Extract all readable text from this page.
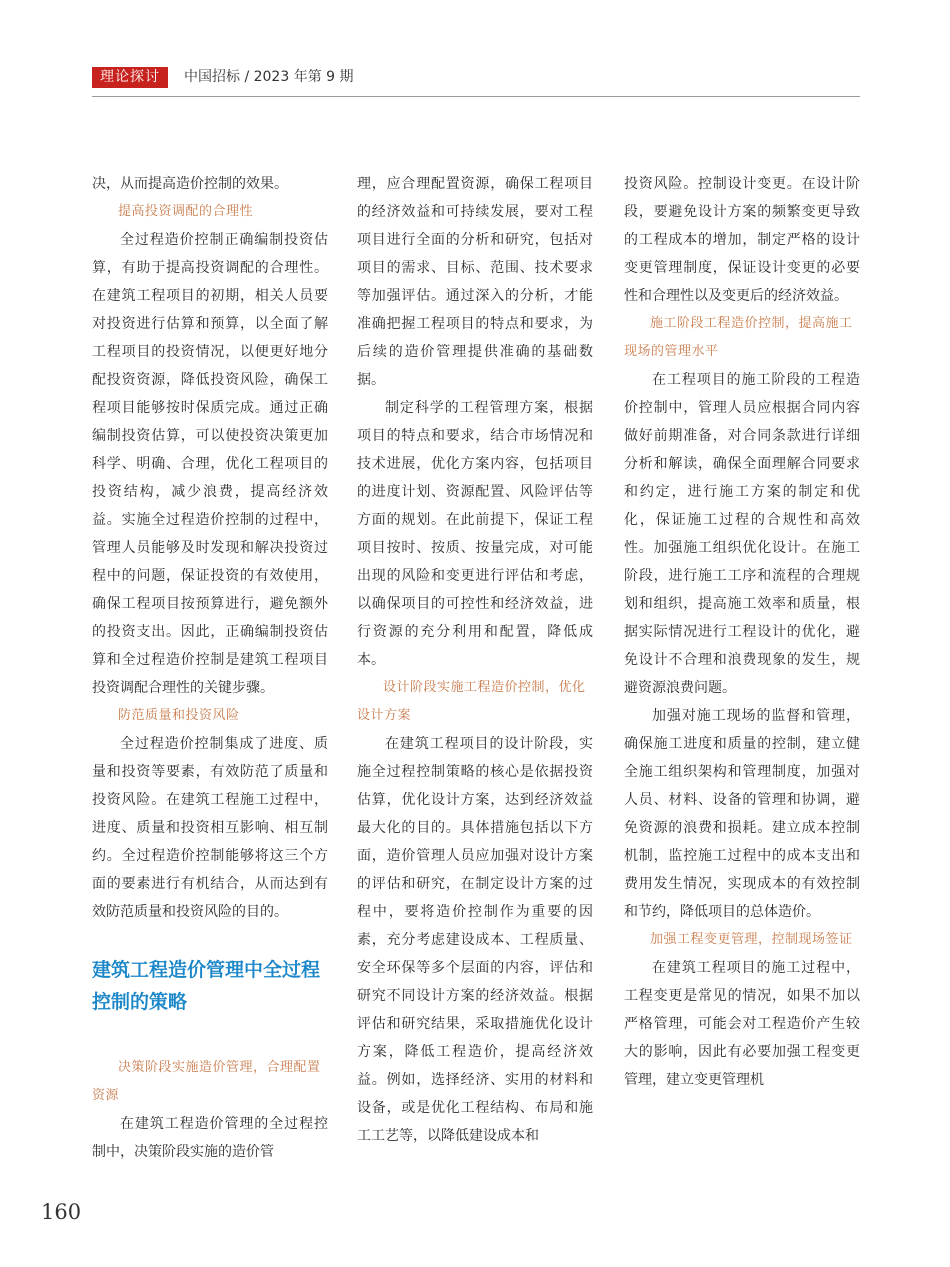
理论探讨	中国招标 / 2023 年第 9 期

决，从而提高造价控制的效果。

提高投资调配的合理性

全过程造价控制正确编制投资估算，有助于提高投资调配的合理性。在建筑工程项目的初期，相关人员要对投资进行估算和预算，以全面了解工程项目的投资情况，以便更好地分配投资资源，降低投资风险，确保工程项目能够按时保质完成。通过正确编制投资估算，可以使投资决策更加科学、明确、合理，优化工程项目的投资结构，减少浪费，提高经济效益。实施全过程造价控制的过程中，管理人员能够及时发现和解决投资过程中的问题，保证投资的有效使用，确保工程项目按预算进行，避免额外的投资支出。因此，正确编制投资估算和全过程造价控制是建筑工程项目投资调配合理性的关键步骤。

防范质量和投资风险

全过程造价控制集成了进度、质量和投资等要素，有效防范了质量和投资风险。在建筑工程施工过程中，进度、质量和投资相互影响、相互制约。全过程造价控制能够将这三个方面的要素进行有机结合，从而达到有效防范质量和投资风险的目的。

建筑工程造价管理中全过程控制的策略

决策阶段实施造价管理，合理配置资源

在建筑工程造价管理的全过程控制中，决策阶段实施的造价管

理，应合理配置资源，确保工程项目的经济效益和可持续发展，要对工程项目进行全面的分析和研究，包括对项目的需求、目标、范围、技术要求等加强评估。通过深入的分析，才能准确把握工程项目的特点和要求，为后续的造价管理提供准确的基础数据。

制定科学的工程管理方案，根据项目的特点和要求，结合市场情况和技术进展，优化方案内容，包括项目的进度计划、资源配置、风险评估等方面的规划。在此前提下，保证工程项目按时、按质、按量完成，对可能出现的风险和变更进行评估和考虑，以确保项目的可控性和经济效益，进行资源的充分利用和配置，降低成本。

设计阶段实施工程造价控制，优化设计方案

在建筑工程项目的设计阶段，实施全过程控制策略的核心是依据投资估算，优化设计方案，达到经济效益最大化的目的。具体措施包括以下方面，造价管理人员应加强对设计方案的评估和研究，在制定设计方案的过程中，要将造价控制作为重要的因素，充分考虑建设成本、工程质量、安全环保等多个层面的内容，评估和研究不同设计方案的经济效益。根据评估和研究结果，采取措施优化设计方案，降低工程造价，提高经济效益。例如，选择经济、实用的材料和设备，或是优化工程结构、布局和施工工艺等，以降低建设成本和

投资风险。控制设计变更。在设计阶段，要避免设计方案的频繁变更导致的工程成本的增加，制定严格的设计变更管理制度，保证设计变更的必要性和合理性以及变更后的经济效益。

施工阶段工程造价控制，提高施工现场的管理水平

在工程项目的施工阶段的工程造价控制中，管理人员应根据合同内容做好前期准备，对合同条款进行详细分析和解读，确保全面理解合同要求和约定，进行施工方案的制定和优化，保证施工过程的合规性和高效性。加强施工组织优化设计。在施工阶段，进行施工工序和流程的合理规划和组织，提高施工效率和质量，根据实际情况进行工程设计的优化，避免设计不合理和浪费现象的发生，规避资源浪费问题。

加强对施工现场的监督和管理，确保施工进度和质量的控制，建立健全施工组织架构和管理制度，加强对人员、材料、设备的管理和协调，避免资源的浪费和损耗。建立成本控制机制，监控施工过程中的成本支出和费用发生情况，实现成本的有效控制和节约，降低项目的总体造价。

加强工程变更管理，控制现场签证

在建筑工程项目的施工过程中，工程变更是常见的情况，如果不加以严格管理，可能会对工程造价产生较大的影响，因此有必要加强工程变更管理，建立变更管理机

160
